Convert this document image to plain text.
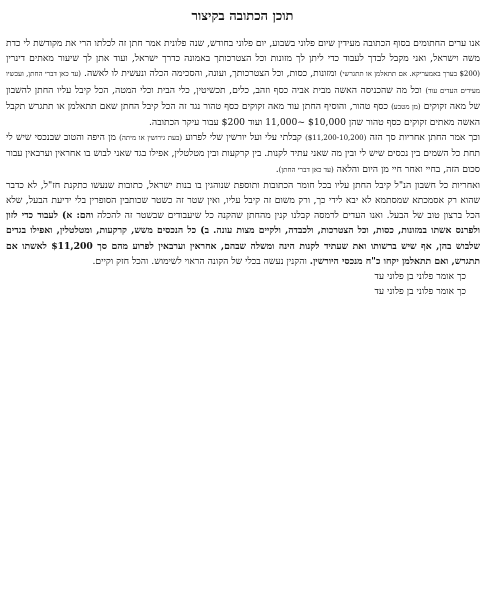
תוכן הכתובה בקיצור

אנו ערים החתומים בסוף הכתובה מעידין שיום פלוני בשבוע, יום פלוני בחודש, שנה פלונית אמר חתן זה לכלתו הרי את מקודשת לי כדת משה וישראל, ואני מקבל לבדך לעבוד כדי ליתן לך מזונות וכל הצטרכותך באמונה כדרך ישראל, ועוד אתן לך שיעור מאתים דינרין ($200 בערך באמעריקא. אם תתאלמן או תתגרשי) ומזונות, כסות, וכל הצטרכותך, ועונה, והסכימה הכלה ונעשית לו לאשה. (עד כאן דברי החתן, ועכשיו מעידים העדים עוד) וכל מה שהכניסה האשה מבית אביה כסף וזהב, כלים, תכשיטין, כלי הבית וכלי המטה, הכל קיבל עליו החתן להשבון של מאה זקוקים (מן מטבע) כסף טהור, והוסיף החתן עוד מאה זקוקים כסף טהור נגד זה הכל קיבל החתן שאם תתאלמן או תתגרש תקבל האשה מאתים זקוקים כסף טהור שהן $10,000 ~11,000 ועוד $200 עבור עיקר הכתובה.

וכך אמר החתן אחריות סך הזה (10,200-$11,200) קבלתי עלי ועל יורשין שלי לפרוע (בעת גירושין או מיתה) מן היפה והטוב שבנכסי שיש לי תחת כל השמים בין נכסים שיש לי ובין מה שאני עתיד לקנות. בין קרקעות ובין מטלטלין, אפילו בגד שאני לבוש בו אחראין וערבאין עבור סכום הזה, בחיי ואחר חיי מן היום והלאה (עד כאן דברי החתן).

ואחריות כל חשבון הנ"ל קיבל החתן עליו בכל חומר הכתובות ותוספת שנוהגין בו בנות ישראל, כתובות שנעשו כתקנת חז"ל, לא כדבר שהוא רק אסמכתא שמסתמא לא יבא לידי כך, ורק משום זה קיבל עליו, ואין שטר זה כשטר שכותבין הסופרין בלי ידיעת הבעל, שלא הכל ברצון טוב של הבעל. ואנו העדים לרמסה קבלנו קנין מהחתן שהקנה כל שיעבודים שבשטר זה להכלה והם: א) לעבוד כדי לזון ולפרנס אשתו במזונות, כסות, וכל הצטרכות, ולכבדה, ולקיים מצות עונה. ב) כל הנכסים משש, קרקעות, ומטלטלין, ואפילו בגדים שלבוש בהן, אף שיש ברשותו ואת שעתיד לקנות הינה ומשלה שבהם, אחראין וערבאין לפרוע מהם סך $11,200 לאשתו אם תתגרש, ואם תתאלמן יקחו כ"ח מנכסי היורשין. והקנין נעשה בכלי של הקונה הראוי לשימוש. והכל חזק וקיים.

כך אומר פלוני בן פלוני עד

כך אומר פלוני בן פלוני עד
